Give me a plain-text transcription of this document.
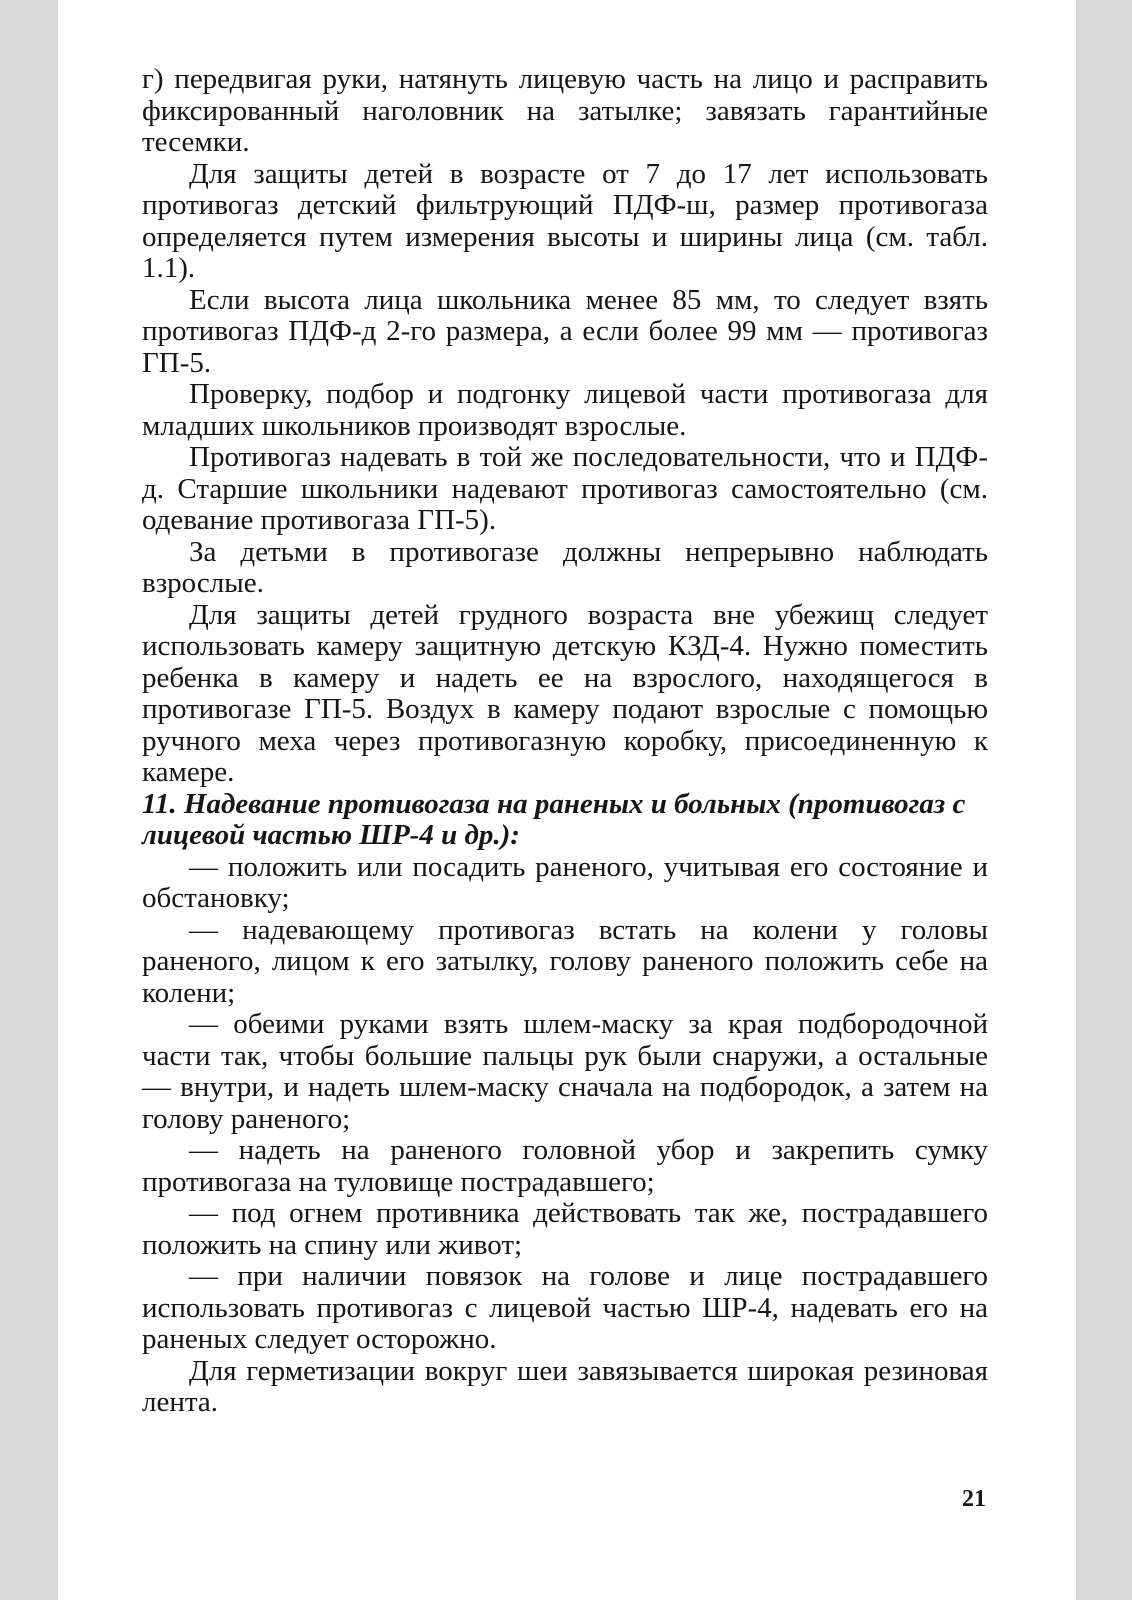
г) передвигая руки, натянуть лицевую часть на лицо и расправить фиксированный наголовник на затылке; завязать гарантийные тесемки.

Для защиты детей в возрасте от 7 до 17 лет использовать противогаз детский фильтрующий ПДФ-ш, размер противогаза определяется путем измерения высоты и ширины лица (см. табл. 1.1).

Если высота лица школьника менее 85 мм, то следует взять противогаз ПДФ-д 2-го размера, а если более 99 мм — противогаз ГП-5.

Проверку, подбор и подгонку лицевой части противогаза для младших школьников производят взрослые.

Противогаз надевать в той же последовательности, что и ПДФ-д. Старшие школьники надевают противогаз самостоятельно (см. одевание противогаза ГП-5).

За детьми в противогазе должны непрерывно наблюдать взрослые.

Для защиты детей грудного возраста вне убежищ следует использовать камеру защитную детскую КЗД-4. Нужно поместить ребенка в камеру и надеть ее на взрослого, находящегося в противогазе ГП-5. Воздух в камеру подают взрослые с помощью ручного меха через противогазную коробку, присоединенную к камере.

11. Надевание противогаза на раненых и больных (противогаз с лицевой частью ШР-4 и др.):

— положить или посадить раненого, учитывая его состояние и обстановку;

— надевающему противогаз встать на колени у головы раненого, лицом к его затылку, голову раненого положить себе на колени;

— обеими руками взять шлем-маску за края подбородочной части так, чтобы большие пальцы рук были снаружи, а остальные — внутри, и надеть шлем-маску сначала на подбородок, а затем на голову раненого;

— надеть на раненого головной убор и закрепить сумку противогаза на туловище пострадавшего;

— под огнем противника действовать так же, пострадавшего положить на спину или живот;

— при наличии повязок на голове и лице пострадавшего использовать противогаз с лицевой частью ШР-4, надевать его на раненых следует осторожно.

Для герметизации вокруг шеи завязывается широкая резиновая лента.

21
